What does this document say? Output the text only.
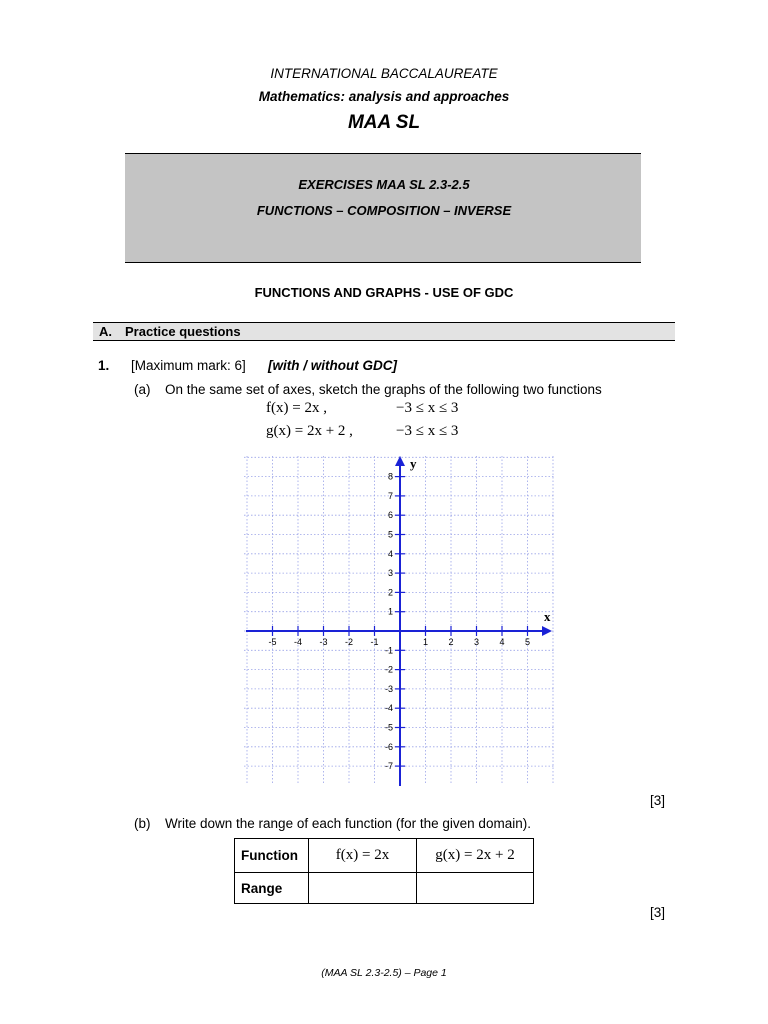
INTERNATIONAL BACCALAUREATE
Mathematics: analysis and approaches
MAA SL
EXERCISES MAA SL 2.3-2.5
FUNCTIONS – COMPOSITION – INVERSE
FUNCTIONS AND GRAPHS - USE OF GDC
A. Practice questions
1. [Maximum mark: 6] [with / without GDC]
(a) On the same set of axes, sketch the graphs of the following two functions
f(x) = 2x ,	−3 ≤ x ≤ 3
g(x) = 2x + 2 ,	−3 ≤ x ≤ 3
x
y
-5 -4 -3 -2 -1	1 2 3 4 5
8
7
6
5
4
3
2
1
-1
-2
-3
-4
-5
-6
-7
[3]
(b) Write down the range of each function (for the given domain).
Function	f(x) = 2x	g(x) = 2x + 2
Range		
[3]
(MAA SL 2.3-2.5) – Page 1
